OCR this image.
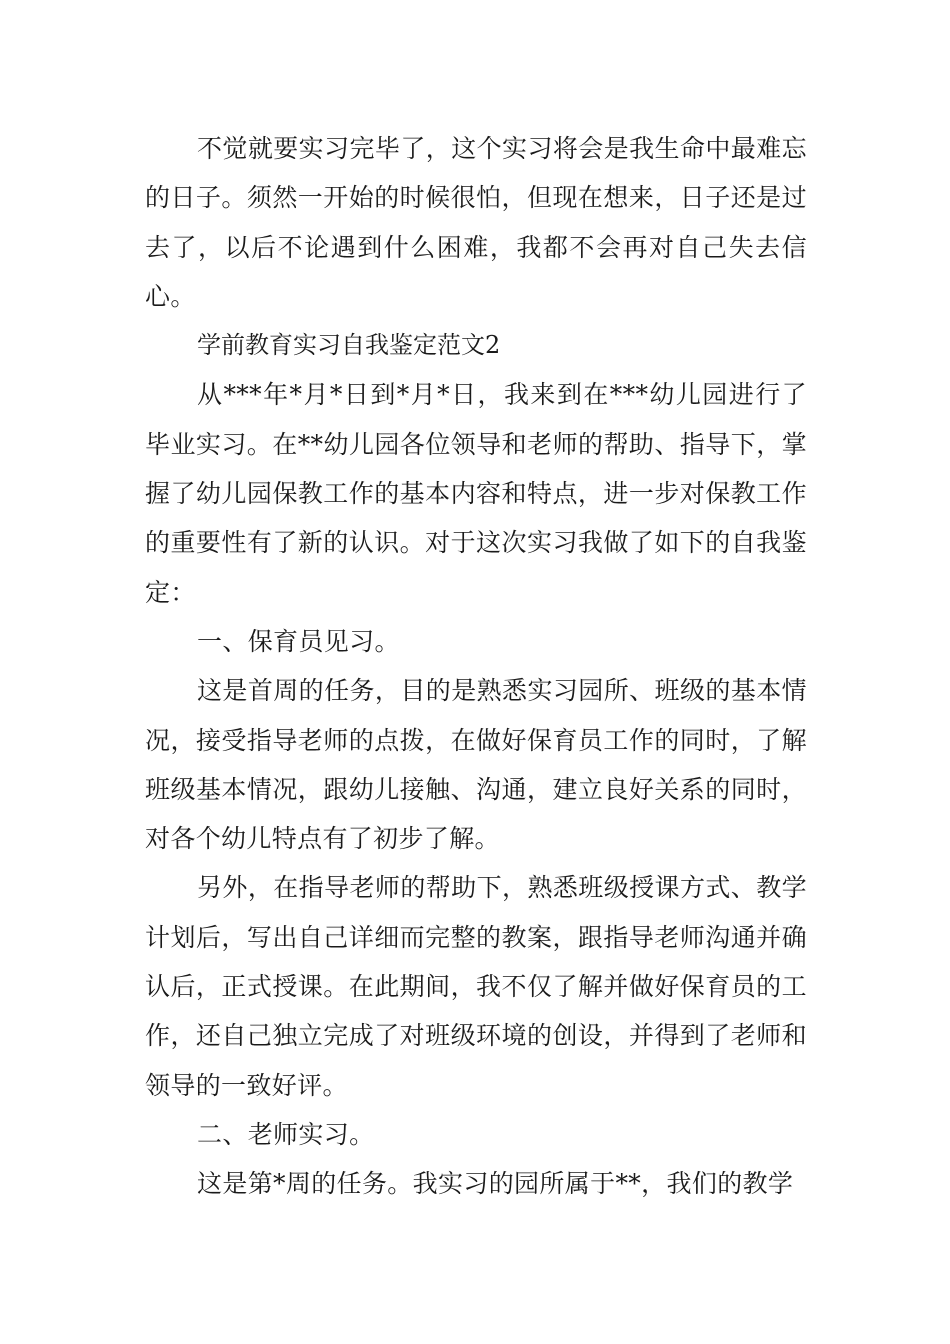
不觉就要实习完毕了，这个实习将会是我生命中最难忘的日子。须然一开始的时候很怕，但现在想来，日子还是过去了，以后不论遇到什么困难，我都不会再对自己失去信心。

学前教育实习自我鉴定范文2

从***年*月*日到*月*日，我来到在***幼儿园进行了毕业实习。在**幼儿园各位领导和老师的帮助、指导下，掌握了幼儿园保教工作的基本内容和特点，进一步对保教工作的重要性有了新的认识。对于这次实习我做了如下的自我鉴定：

一、保育员见习。

这是首周的任务，目的是熟悉实习园所、班级的基本情况，接受指导老师的点拨，在做好保育员工作的同时，了解班级基本情况，跟幼儿接触、沟通，建立良好关系的同时，对各个幼儿特点有了初步了解。

另外，在指导老师的帮助下，熟悉班级授课方式、教学计划后，写出自己详细而完整的教案，跟指导老师沟通并确认后，正式授课。在此期间，我不仅了解并做好保育员的工作，还自己独立完成了对班级环境的创设，并得到了老师和领导的一致好评。

二、老师实习。

这是第*周的任务。我实习的园所属于**，我们的教学
